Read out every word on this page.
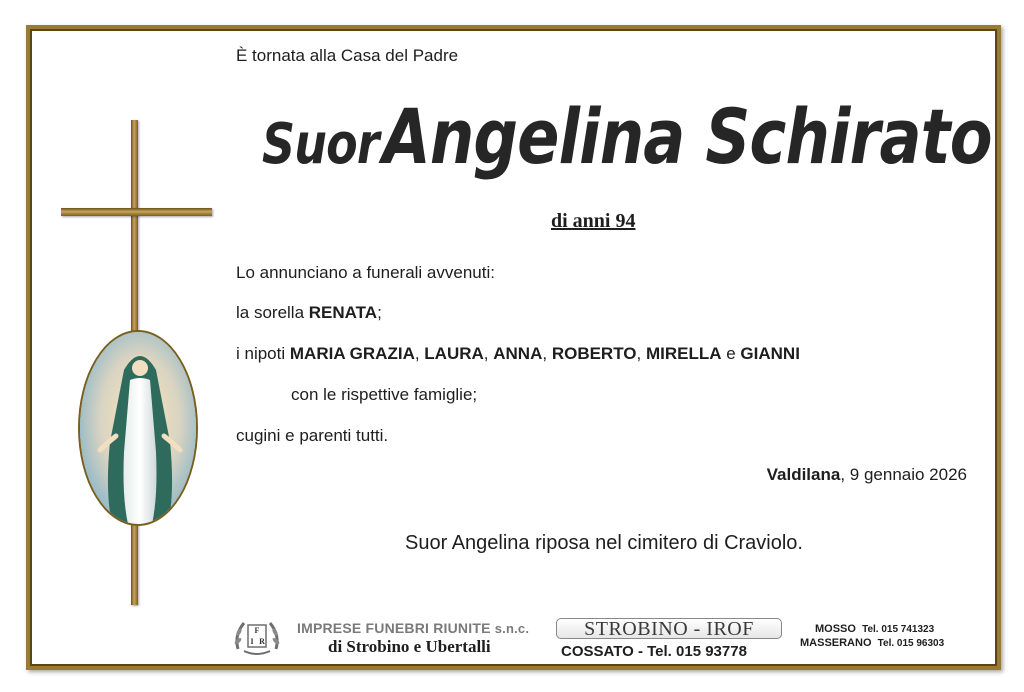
È tornata alla Casa del Padre
Suor Angelina Schirato
di anni 94
Lo annunciano a funerali avvenuti:
la sorella RENATA;
i nipoti MARIA GRAZIA, LAURA, ANNA, ROBERTO, MIRELLA e GIANNI
con le rispettive famiglie;
cugini e parenti tutti.
Valdilana, 9 gennaio 2026
Suor Angelina riposa nel cimitero di Craviolo.
F
I R
IMPRESE FUNEBRI RIUNITE s.n.c.
di Strobino e Ubertalli
STROBINO - IROF
COSSATO - Tel. 015 93778
MOSSO Tel. 015 741323
MASSERANO Tel. 015 96303
